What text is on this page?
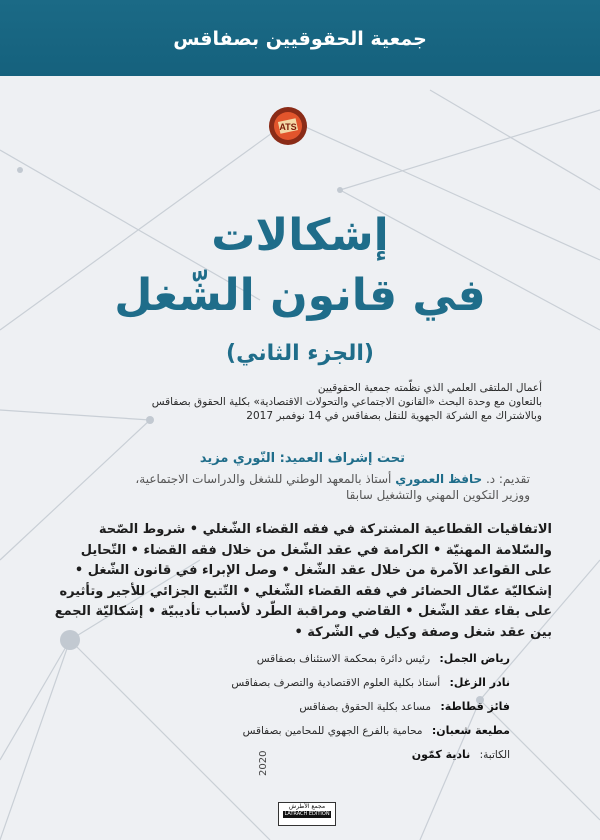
جمعية الحقوقيين بصفاقس
ATS
إشكالات
في قانون الشّغل
(الجزء الثاني)
أعمال الملتقى العلمي الذي نظّمته جمعية الحقوقيين
بالتعاون مع وحدة البحث «القانون الاجتماعي والتحولات الاقتصادية» بكلية الحقوق بصفاقس
وبالاشتراك مع الشركة الجهوية للنقل بصفاقس في 14 نوفمبر 2017
تحت إشراف العميد: النّوري مزيد
تقديم: د. حافظ العموري أستاذ بالمعهد الوطني للشغل والدراسات الاجتماعية،
ووزير التكوين المهني والتشغيل سابقا
الاتفاقيات القطاعية المشتركة في فقه القضاء الشّغلي • شروط الصّحة والسّلامة المهنيّة • الكرامة في عقد الشّغل من خلال فقه القضاء • التّحايل على القواعد الآمرة من خلال عقد الشّغل • وصل الإبراء في قانون الشّغل • إشكاليّة عمّال الحضائر في فقه القضاء الشّغلي • التّتبع الجزائي للأجير وتأثيره على بقاء عقد الشّغل • القاضي ومراقبة الطّرد لأسباب تأديبيّة • إشكاليّة الجمع بين عقد شغل وصفة وكيل في الشّركة •
رياض الجمل: رئيس دائرة بمحكمة الاستئناف بصفاقس
نادر الزغل: أستاذ بكلية العلوم الاقتصادية والتصرف بصفاقس
فائز قطاطة: مساعد بكلية الحقوق بصفاقس
مطيعة شعبان: محامية بالفرع الجهوي للمحامين بصفاقس
الكاتبة: نادية كمّون
2020
مجمع الأطرش
LATRACH EDITION
